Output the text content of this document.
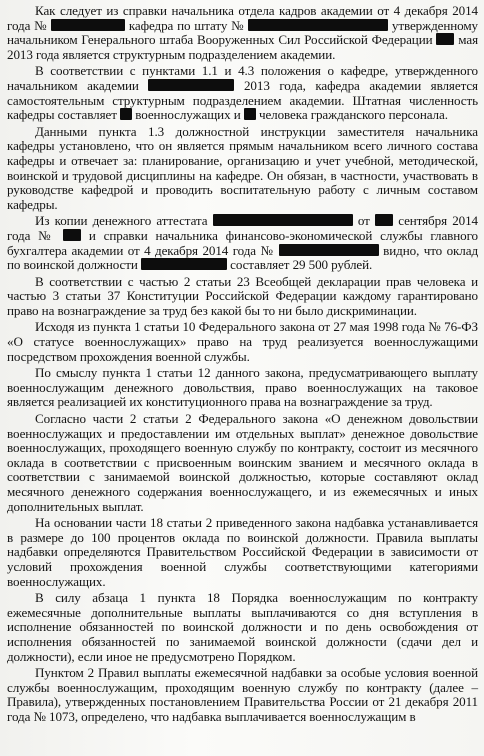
Как следует из справки начальника отдела кадров академии от 4 декабря 2014 года №	кафедра по штату №	утвержденному начальником Генерального штаба Вооруженных Сил Российской Федерации  мая 2013 года является структурным подразделением академии.

В соответствии с пунктами 1.1 и 4.3 положения о кафедре, утвержденного начальником академии	2013 года, кафедра академии является самостоятельным структурным подразделением академии. Штатная численность кафедры составляет  военнослужащих и  человека гражданского персонала.

Данными пункта 1.3 должностной инструкции заместителя начальника кафедры установлено, что он является прямым начальником всего личного состава кафедры и отвечает за: планирование, организацию и учет учебной, методической, воинской и трудовой дисциплины на кафедре. Он обязан, в частности, участвовать в руководстве кафедрой и проводить воспитательную работу с личным составом кафедры.

Из копии денежного аттестата	от  сентября 2014 года №  и справки начальника финансово-экономической службы главного бухгалтера академии от 4 декабря 2014 года №	видно, что оклад по воинской должности	составляет 29 500 рублей.

В соответствии с частью 2 статьи 23 Всеобщей декларации прав человека и частью 3 статьи 37 Конституции Российской Федерации каждому гарантировано право на вознаграждение за труд без какой бы то ни было дискриминации.

Исходя из пункта 1 статьи 10 Федерального закона от 27 мая 1998 года № 76-ФЗ «О статусе военнослужащих» право на труд реализуется военнослужащими посредством прохождения военной службы.

По смыслу пункта 1 статьи 12 данного закона, предусматривающего выплату военнослужащим денежного довольствия, право военнослужащих на таковое является реализацией их конституционного права на вознаграждение за труд.

Согласно части 2 статьи 2 Федерального закона «О денежном довольствии военнослужащих и предоставлении им отдельных выплат» денежное довольствие военнослужащих, проходящего военную службу по контракту, состоит из месячного оклада в соответствии с присвоенным воинским званием и месячного оклада в соответствии с занимаемой воинской должностью, которые составляют оклад месячного денежного содержания военнослужащего, и из ежемесячных и иных дополнительных выплат.

На основании части 18 статьи 2 приведенного закона надбавка устанавливается в размере до 100 процентов оклада по воинской должности. Правила выплаты надбавки определяются Правительством Российской Федерации в зависимости от условий прохождения военной службы соответствующими категориями военнослужащих.

В силу абзаца 1 пункта 18 Порядка военнослужащим по контракту ежемесячные дополнительные выплаты выплачиваются со дня вступления в исполнение обязанностей по воинской должности и по день освобождения от исполнения обязанностей по занимаемой воинской должности (сдачи дел и должности), если иное не предусмотрено Порядком.

Пунктом 2 Правил выплаты ежемесячной надбавки за особые условия военной службы военнослужащим, проходящим военную службу по контракту (далее – Правила), утвержденных постановлением Правительства России от 21 декабря 2011 года № 1073, определено, что надбавка выплачивается военнослужащим в
